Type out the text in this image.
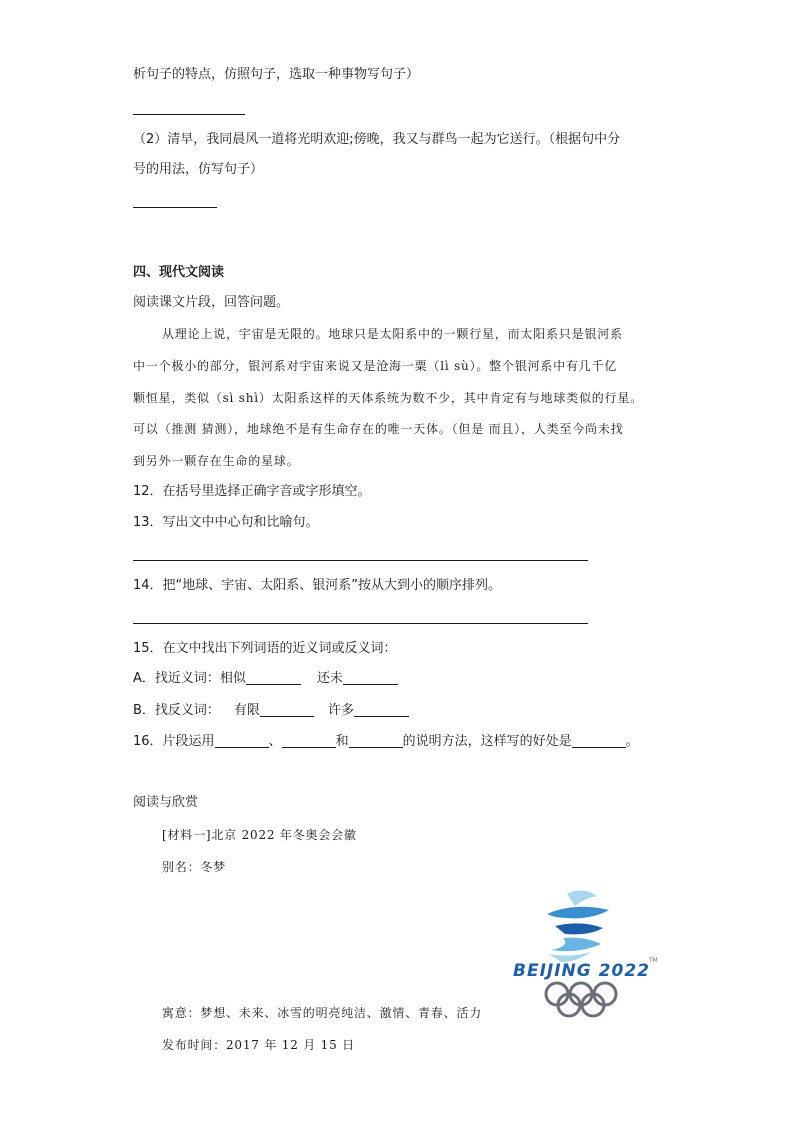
析句子的特点，仿照句子，选取一种事物写句子）
（2）清早，我同晨风一道将光明欢迎;傍晚，我又与群鸟一起为它送行。（根据句中分
号的用法，仿写句子）
四、现代文阅读
阅读课文片段，回答问题。
从理论上说，宇宙是无限的。地球只是太阳系中的一颗行星，而太阳系只是银河系
中一个极小的部分，银河系对宇宙来说又是沧海一粟（lì sù）。整个银河系中有几千亿
颗恒星，类似（sì shì）太阳系这样的天体系统为数不少，其中肯定有与地球类似的行星。
可以（推测 猜测），地球绝不是有生命存在的唯一天体。（但是 而且），人类至今尚未找
到另外一颗存在生命的星球。
12．在括号里选择正确字音或字形填空。
13．写出文中中心句和比喻句。
14．把“地球、宇宙、太阳系、银河系”按从大到小的顺序排列。
15．在文中找出下列词语的近义词或反义词：
A．找近义词：相似	还未
B．找反义词： 有限	许多
16．片段运用	、	和	的说明方法，这样写的好处是	。
阅读与欣赏
[材料一]北京 2022 年冬奥会会徽
别名：冬梦
BEIJING 2022
TM
寓意：梦想、未来、冰雪的明亮纯洁、激情、青春、活力
发布时间：2017 年 12 月 15 日
